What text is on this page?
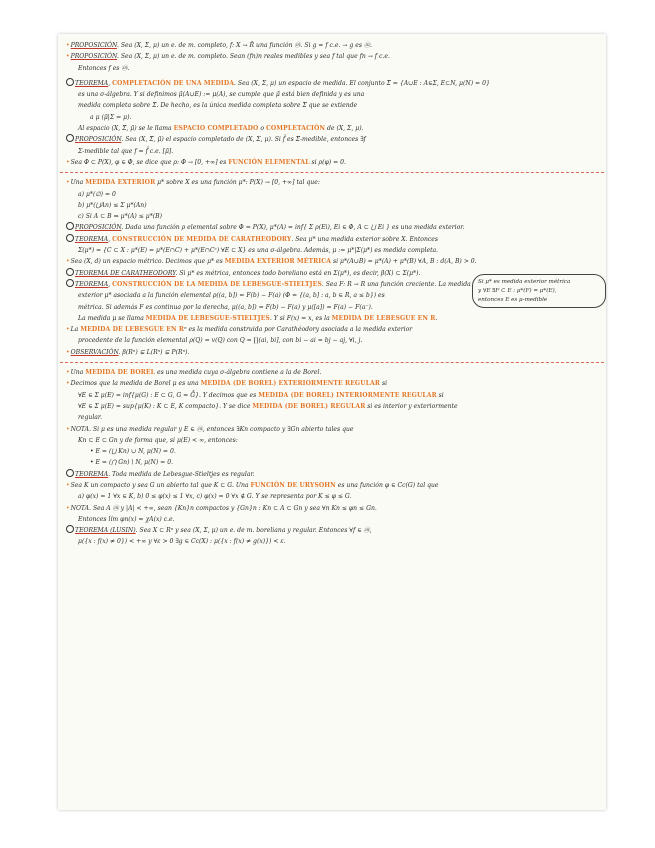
•PROPOSICIÓN. Sea (X, Σ, μ) un e. de m. completo, f: X → R̄ una función ⓜ. Si g = f c.e. → g es ⓜ.
•PROPOSICIÓN. Sea (X, Σ, μ) un e. de m. completo. Sean (fn)n reales medibles y sea f tal que fn → f c.e.
Entonces f es ⓜ.
TEOREMA, COMPLETACIÓN DE UNA MEDIDA. Sea (X, Σ, μ) un espacio de medida. El conjunto Σ̃ = {A∪E : A∈Σ, E⊂N, μ(N) = 0}
es una σ-álgebra. Y si definimos μ̃(A∪E) := μ(A), se cumple que μ̃ está bien definida y es una
medida completa sobre Σ̃. De hecho, es la única medida completa sobre Σ̃ que se extiende
a μ (μ̃|Σ = μ).
Al espacio (X, Σ̃, μ̃) se le llama ESPACIO COMPLETADO o COMPLETACIÓN de (X, Σ, μ).
PROPOSICIÓN. Sea (X, Σ̃, μ̃) el espacio completado de (X, Σ, μ). Si f̃ es Σ̃-medible, entonces ∃f
Σ-medible tal que f = f̃ c.e. [μ̃].
•Sea Φ ⊂ P(X), φ ∈ Φ, se dice que ρ: Φ → [0, +∞] es FUNCIÓN ELEMENTAL si ρ(φ) = 0.
•Una MEDIDA EXTERIOR μ* sobre X es una función μ*: P(X) → [0, +∞] tal que:
a) μ*(∅) = 0
b) μ*(⋃An) ≤ Σ μ*(An)
c) Si A ⊂ B ⇒ μ*(A) ≤ μ*(B)
PROPOSICIÓN. Dada una función ρ elemental sobre Φ = P(X), μ*(A) = inf{ Σ ρ(Ei), Ei ∈ Φ, A ⊂ ⋃ Ei } es una medida exterior.
TEOREMA, CONSTRUCCIÓN DE MEDIDA DE CARATHEODORY. Sea μ* una medida exterior sobre X. Entonces
Σ(μ*) = {C ⊂ X : μ*(E) = μ*(E∩C) + μ*(E∩Cᶜ) ∀E ⊂ X} es una σ-álgebra. Además, μ := μ*|Σ(μ*) es medida completa.
•Sea (X, d) un espacio métrico. Decimos que μ* es MEDIDA EXTERIOR MÉTRICA si μ*(A∪B) = μ*(A) + μ*(B) ∀A, B : d(A, B) > 0.
TEOREMA DE CARATHEODORY. Si μ* es métrica, entonces todo boreliano está en Σ(μ*), es decir, β(X) ⊂ Σ(μ*).
TEOREMA, CONSTRUCCIÓN DE LA MEDIDA DE LEBESGUE-STIELTJES. Sea F: R → R una función creciente. La medida
exterior μ* asociada a la función elemental ρ((a, b]) = F(b) − F(a) (Φ = {(a, b] : a, b ∈ R, a ≤ b}) es
métrica. Si además F es continua por la derecha, μ((a, b]) = F(b) − F(a) y μ([a]) = F(a) − F(a⁻).
La medida μ se llama MEDIDA DE LEBESGUE-STIELTJES. Y si F(x) = x, es la MEDIDA DE LEBESGUE EN R.
•La MEDIDA DE LEBESGUE EN Rⁿ es la medida construida por Carathéodory asociada a la medida exterior
procedente de la función elemental ρ(Q) = v(Q) con Q = ∏(ai, bi], con bi − ai = bj − aj, ∀i, j.
•OBSERVACIÓN. β(Rⁿ) ⊊ L(Rⁿ) ⊊ P(Rⁿ).
•Una MEDIDA DE BOREL es una medida cuya σ-álgebra contiene a la de Borel.
•Decimos que la medida de Borel μ es una MEDIDA (DE BOREL) EXTERIORMENTE REGULAR si
∀E ∈ Σ μ(E) = inf{μ(G) : E ⊂ G, G = G̊}. Y decimos que es MEDIDA (DE BOREL) INTERIORMENTE REGULAR si
∀E ∈ Σ μ(E) = sup{μ(K) : K ⊂ E, K compacto}. Y se dice MEDIDA (DE BOREL) REGULAR si es interior y exteriormente
regular.
•NOTA. Si μ es una medida regular y E ∈ ⓜ, entonces ∃Kn compacto y ∃Gn abierto tales que
Kn ⊂ E ⊂ Gn y de forma que, si μ(E) < ∞, entonces:
• E = (⋃ Kn) ∪ N, μ(N) = 0.
• E = (⋂ Gn) \ N, μ(N) = 0.
TEOREMA. Toda medida de Lebesgue-Stieltjes es regular.
•Sea K un compacto y sea G un abierto tal que K ⊂ G. Una FUNCIÓN DE URYSOHN es una función φ ∈ Cc(G) tal que
a) φ(x) = 1 ∀x ∈ K, b) 0 ≤ φ(x) ≤ 1 ∀x, c) φ(x) = 0 ∀x ∉ G. Y se representa por K ≤ φ ≤ G.
•NOTA. Sea A ⓜ y |A| < +∞, sean {Kn}n compactos y {Gn}n : Kn ⊂ A ⊂ Gn y sea ∀n Kn ≤ φn ≤ Gn.
Entonces lím φn(x) = χA(x) c.e.
TEOREMA (LUSIN). Sea X ⊂ Rⁿ y sea (X, Σ, μ) un e. de m. boreliana y regular. Entonces ∀f ∈ ⓜ,
μ({x : f(x) ≠ 0}) < +∞ y ∀ε > 0 ∃g ∈ Cc(X) : μ({x : f(x) ≠ g(x)}) < ε.
Si μ* es medida exterior métrica
y ∀E ∃F ⊂ E : μ*(F) = μ*(E),
entonces E es μ-medible
